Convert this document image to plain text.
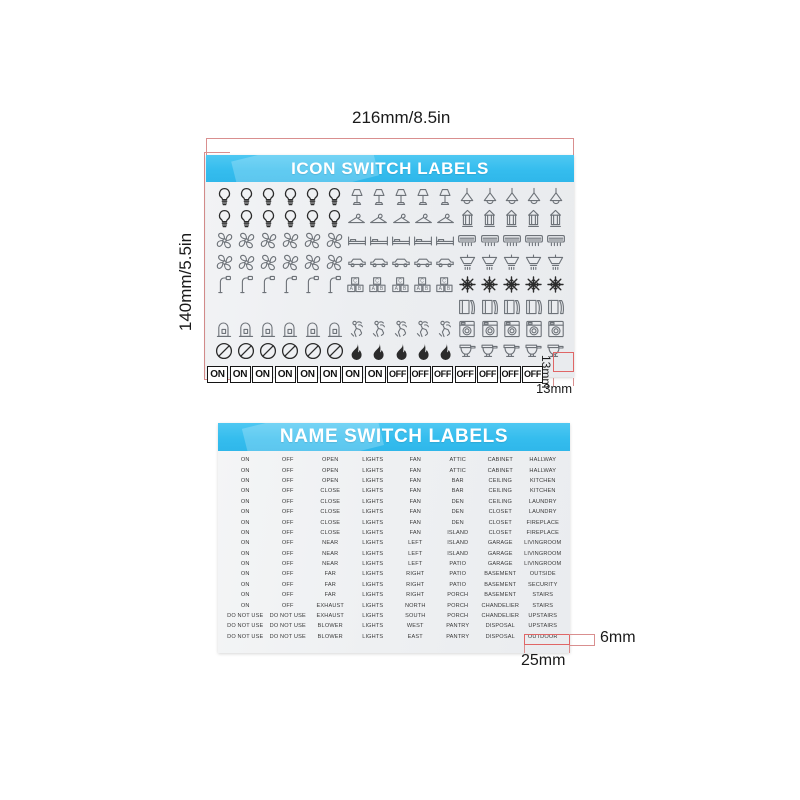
216mm/8.5in
140mm/5.5in
ICON SWITCH LABELS
C
A B
C
A B
C
A B
C
A B
C
A B
ON ON ON ON ON ON ON ON OFF OFF OFF OFF OFF OFF OFF
13mm
13mm
NAME SWITCH LABELS
ON	OFF	OPEN	LIGHTS	FAN	ATTIC	CABINET	HALLWAY
ON	OFF	OPEN	LIGHTS	FAN	ATTIC	CABINET	HALLWAY
ON	OFF	OPEN	LIGHTS	FAN	BAR	CEILING	KITCHEN
ON	OFF	CLOSE	LIGHTS	FAN	BAR	CEILING	KITCHEN
ON	OFF	CLOSE	LIGHTS	FAN	DEN	CEILING	LAUNDRY
ON	OFF	CLOSE	LIGHTS	FAN	DEN	CLOSET	LAUNDRY
ON	OFF	CLOSE	LIGHTS	FAN	DEN	CLOSET	FIREPLACE
ON	OFF	CLOSE	LIGHTS	FAN	ISLAND	CLOSET	FIREPLACE
ON	OFF	NEAR	LIGHTS	LEFT	ISLAND	GARAGE	LIVINGROOM
ON	OFF	NEAR	LIGHTS	LEFT	ISLAND	GARAGE	LIVINGROOM
ON	OFF	NEAR	LIGHTS	LEFT	PATIO	GARAGE	LIVINGROOM
ON	OFF	FAR	LIGHTS	RIGHT	PATIO	BASEMENT	OUTSIDE
ON	OFF	FAR	LIGHTS	RIGHT	PATIO	BASEMENT	SECURITY
ON	OFF	FAR	LIGHTS	RIGHT	PORCH	BASEMENT	STAIRS
ON	OFF	EXHAUST	LIGHTS	NORTH	PORCH	CHANDELIER	STAIRS
DO NOT USE	DO NOT USE	EXHAUST	LIGHTS	SOUTH	PORCH	CHANDELIER	UPSTAIRS
DO NOT USE	DO NOT USE	BLOWER	LIGHTS	WEST	PANTRY	DISPOSAL	UPSTAIRS
DO NOT USE	DO NOT USE	BLOWER	LIGHTS	EAST	PANTRY	DISPOSAL	OUTDOOR
25mm
6mm
